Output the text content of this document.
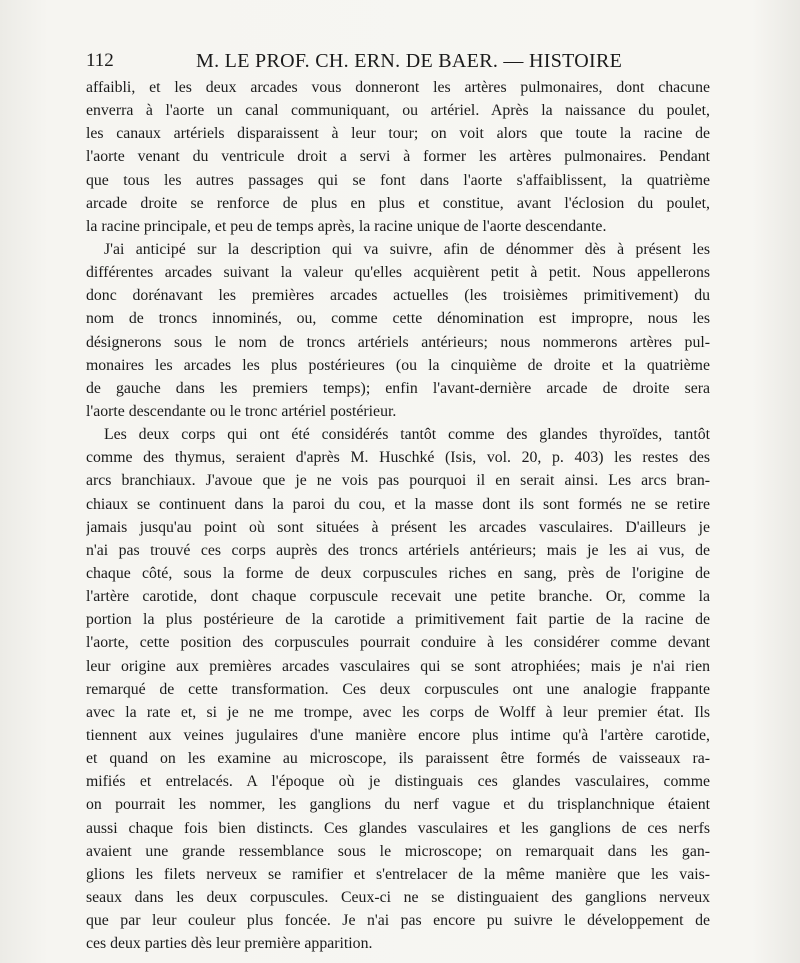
112	M. LE PROF. CH. ERN. DE BAER. — HISTOIRE
affaibli, et les deux arcades vous donneront les artères pulmonaires, dont chacune
enverra à l'aorte un canal communiquant, ou artériel. Après la naissance du poulet,
les canaux artériels disparaissent à leur tour; on voit alors que toute la racine de
l'aorte venant du ventricule droit a servi à former les artères pulmonaires. Pendant
que tous les autres passages qui se font dans l'aorte s'affaiblissent, la quatrième
arcade droite se renforce de plus en plus et constitue, avant l'éclosion du poulet,
la racine principale, et peu de temps après, la racine unique de l'aorte descendante.
J'ai anticipé sur la description qui va suivre, afin de dénommer dès à présent les
différentes arcades suivant la valeur qu'elles acquièrent petit à petit. Nous appellerons
donc dorénavant les premières arcades actuelles (les troisièmes primitivement) du
nom de troncs innominés, ou, comme cette dénomination est impropre, nous les
désignerons sous le nom de troncs artériels antérieurs; nous nommerons artères pul-
monaires les arcades les plus postérieures (ou la cinquième de droite et la quatrième
de gauche dans les premiers temps); enfin l'avant-dernière arcade de droite sera
l'aorte descendante ou le tronc artériel postérieur.
Les deux corps qui ont été considérés tantôt comme des glandes thyroïdes, tantôt
comme des thymus, seraient d'après M. Huschké (Isis, vol. 20, p. 403) les restes des
arcs branchiaux. J'avoue que je ne vois pas pourquoi il en serait ainsi. Les arcs bran-
chiaux se continuent dans la paroi du cou, et la masse dont ils sont formés ne se retire
jamais jusqu'au point où sont situées à présent les arcades vasculaires. D'ailleurs je
n'ai pas trouvé ces corps auprès des troncs artériels antérieurs; mais je les ai vus, de
chaque côté, sous la forme de deux corpuscules riches en sang, près de l'origine de
l'artère carotide, dont chaque corpuscule recevait une petite branche. Or, comme la
portion la plus postérieure de la carotide a primitivement fait partie de la racine de
l'aorte, cette position des corpuscules pourrait conduire à les considérer comme devant
leur origine aux premières arcades vasculaires qui se sont atrophiées; mais je n'ai rien
remarqué de cette transformation. Ces deux corpuscules ont une analogie frappante
avec la rate et, si je ne me trompe, avec les corps de Wolff à leur premier état. Ils
tiennent aux veines jugulaires d'une manière encore plus intime qu'à l'artère carotide,
et quand on les examine au microscope, ils paraissent être formés de vaisseaux ra-
mifiés et entrelacés. A l'époque où je distinguais ces glandes vasculaires, comme
on pourrait les nommer, les ganglions du nerf vague et du trisplanchnique étaient
aussi chaque fois bien distincts. Ces glandes vasculaires et les ganglions de ces nerfs
avaient une grande ressemblance sous le microscope; on remarquait dans les gan-
glions les filets nerveux se ramifier et s'entrelacer de la même manière que les vais-
seaux dans les deux corpuscules. Ceux-ci ne se distinguaient des ganglions nerveux
que par leur couleur plus foncée. Je n'ai pas encore pu suivre le développement de
ces deux parties dès leur première apparition.
